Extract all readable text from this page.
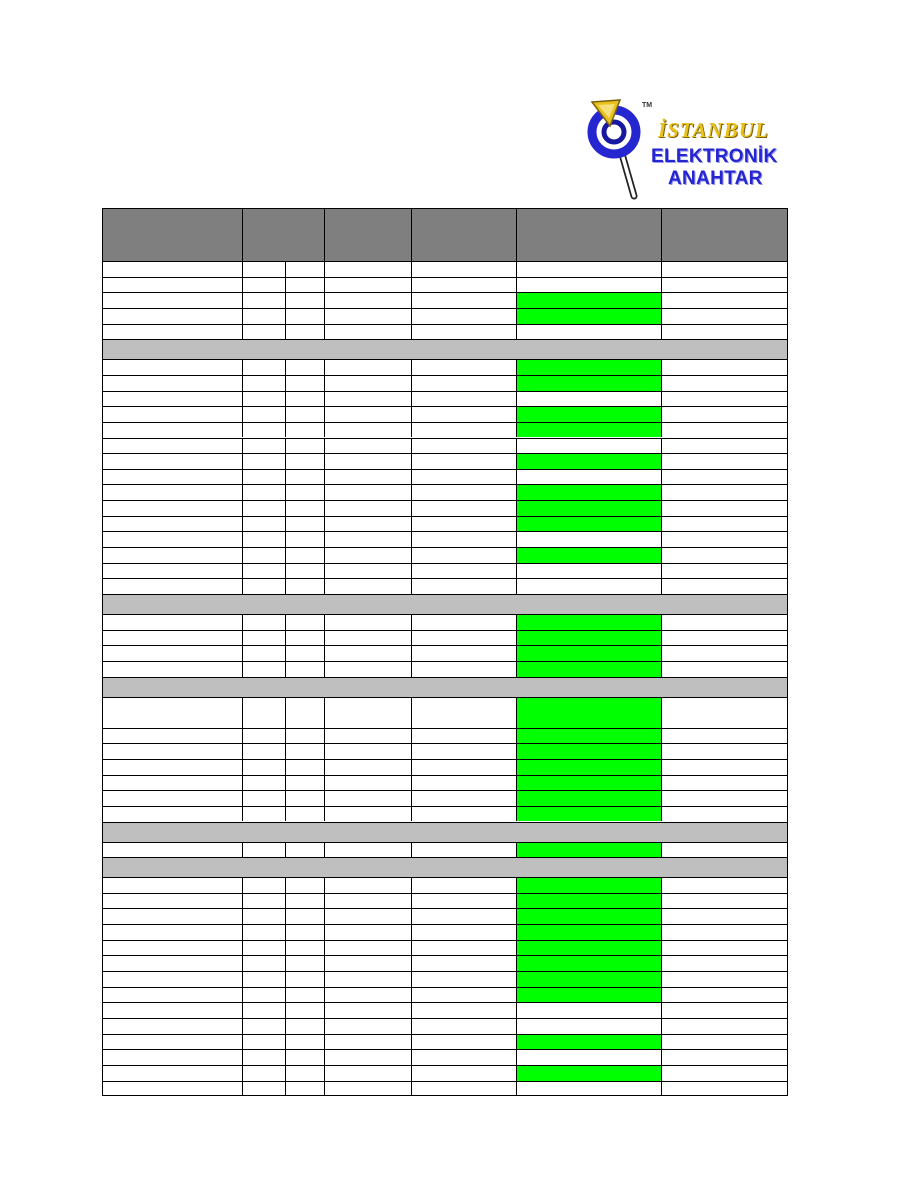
TM
İSTANBUL
ELEKTRONİK
ANAHTAR
